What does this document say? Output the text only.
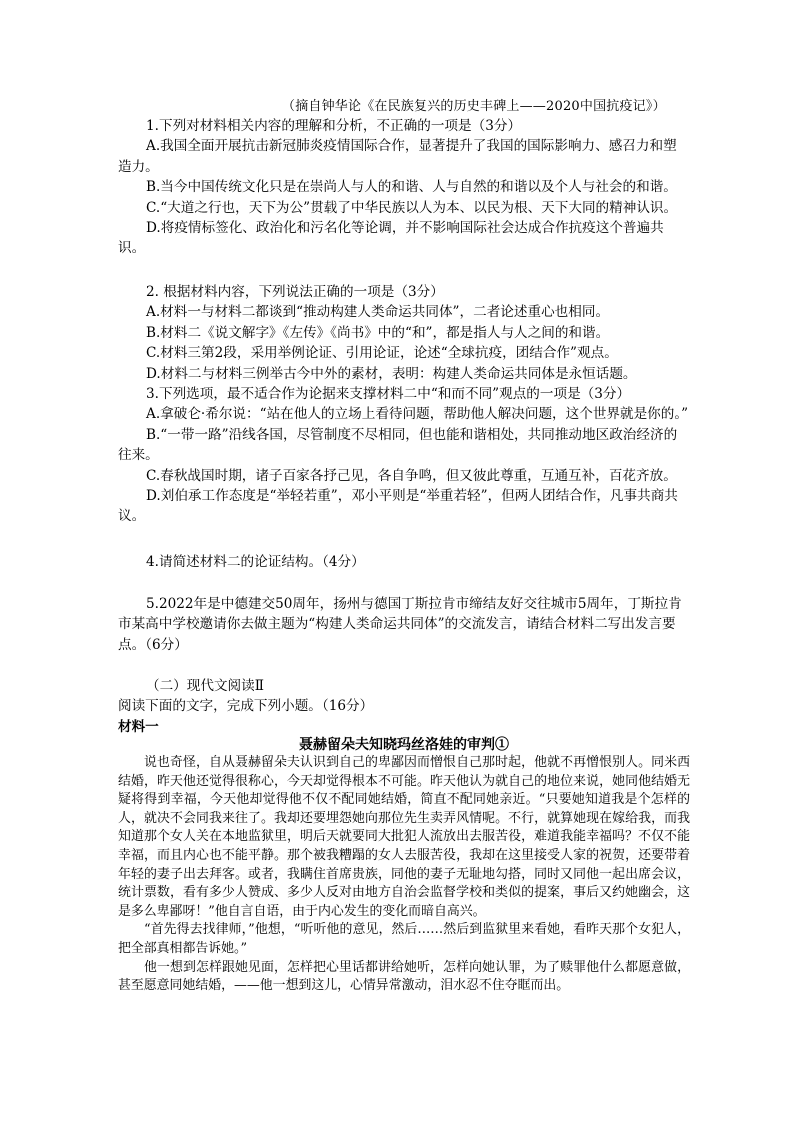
（摘自钟华论《在民族复兴的历史丰碑上——2020中国抗疫记》）

1.下列对材料相关内容的理解和分析，不正确的一项是（3分）

A.我国全面开展抗击新冠肺炎疫情国际合作，显著提升了我国的国际影响力、感召力和塑造力。

B.当今中国传统文化只是在崇尚人与人的和谐、人与自然的和谐以及个人与社会的和谐。

C.“大道之行也，天下为公”贯载了中华民族以人为本、以民为根、天下大同的精神认识。

D.将疫情标签化、政治化和污名化等论调，并不影响国际社会达成合作抗疫这个普遍共识。

2. 根据材料内容，下列说法正确的一项是（3分）

A.材料一与材料二都谈到“推动构建人类命运共同体”，二者论述重心也相同。

B.材料二《说文解字》《左传》《尚书》中的“和”，都是指人与人之间的和谐。

C.材料三第2段，采用举例论证、引用论证，论述“全球抗疫，团结合作”观点。

D.材料二与材料三例举古今中外的素材，表明：构建人类命运共同体是永恒话题。

3.下列选项，最不适合作为论据来支撑材料二中“和而不同”观点的一项是（3分）

A.拿破仑·希尔说：“站在他人的立场上看待问题，帮助他人解决问题，这个世界就是你的。”

B.“一带一路”沿线各国，尽管制度不尽相同，但也能和谐相处，共同推动地区政治经济的往来。

C.春秋战国时期，诸子百家各抒己见，各自争鸣，但又彼此尊重，互通互补，百花齐放。

D.刘伯承工作态度是“举轻若重”，邓小平则是“举重若轻”，但两人团结合作，凡事共商共议。

4.请简述材料二的论证结构。（4分）

5.2022年是中德建交50周年，扬州与德国丁斯拉肯市缔结友好交往城市5周年，丁斯拉肯市某高中学校邀请你去做主题为“构建人类命运共同体”的交流发言，请结合材料二写出发言要点。（6分）

（二）现代文阅读Ⅱ

阅读下面的文字，完成下列小题。（16分）

材料一

聂赫留朵夫知晓玛丝洛娃的审判①

说也奇怪，自从聂赫留朵夫认识到自己的卑鄙因而憎恨自己那时起，他就不再憎恨别人。同米西结婚，昨天他还觉得很称心，今天却觉得根本不可能。昨天他认为就自己的地位来说，她同他结婚无疑将得到幸福，今天他却觉得他不仅不配同她结婚，简直不配同她亲近。“只要她知道我是个怎样的人，就决不会同我来往了。我却还要埋怨她向那位先生卖弄风情呢。不行，就算她现在嫁给我，而我知道那个女人关在本地监狱里，明后天就要同大批犯人流放出去服苦役，难道我能幸福吗？不仅不能幸福，而且内心也不能平静。那个被我糟蹋的女人去服苦役，我却在这里接受人家的祝贺，还要带着年轻的妻子出去拜客。或者，我瞒住首席贵族，同他的妻子无耻地勾搭，同时又同他一起出席会议，统计票数，看有多少人赞成、多少人反对由地方自治会监督学校和类似的提案，事后又约她幽会，这是多么卑鄙呀！”他自言自语，由于内心发生的变化而暗自高兴。

“首先得去找律师，”他想，“听听他的意见，然后……然后到监狱里来看她，看昨天那个女犯人，把全部真相都告诉她。”

他一想到怎样跟她见面，怎样把心里话都讲给她听，怎样向她认罪，为了赎罪他什么都愿意做，甚至愿意同她结婚，——他一想到这儿，心情异常激动，泪水忍不住夺眶而出。
